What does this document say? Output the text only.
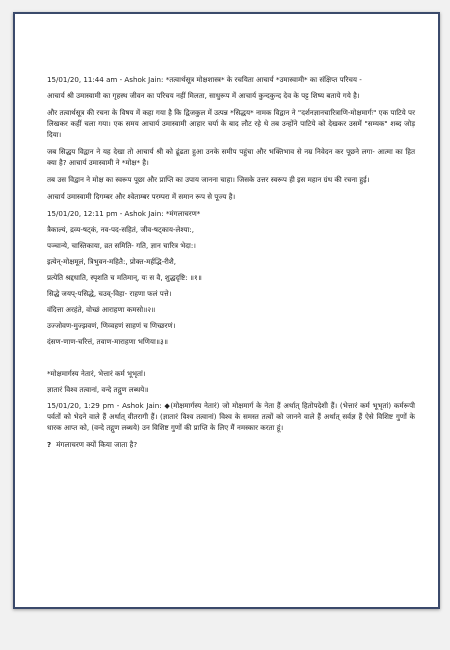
15/01/20, 11:44 am - Ashok Jain: *तत्वार्थसूत्र मोक्षशास्त्र* के रचयिता आचार्य *उमास्वामी* का संक्षिप्त परिचय -

आचार्य श्री उमास्वामी का गृहस्थ जीवन का परिचय नहीं मिलता, साधुरूप में आचार्य कुन्दकुन्द देव के पट्ट शिष्य बताये गये है।

और तत्वार्थसूत्र की रचना के विषय में कहा गया है कि द्विजकुल में उत्पन्न *सिद्धय* नामक विद्वान ने "दर्शनज्ञानचारित्राणि-मोक्षमार्गः" एक पाटिये पर लिखकर कहीं चला गया। एक समय आचार्य उमास्वामी आहार चर्या के बाद लौट रहे थे तब उन्होंने पाटिये को देखकर उसमें "सम्यक" शब्द जोड़ दिया।

जब सिद्धय विद्वान ने यह देखा तो आचार्य श्री को ढूंढता हुआ उनके समीप पहुंचा और भक्तिभाव से नम्र निवेदन कर पूछने लगा- आत्मा का हित क्या है? आचार्य उमास्वामी ने *मोक्ष* है।

तब उस विद्वान ने मोक्ष का स्वरूप पूछा और प्राप्ति का उपाय जानना चाहा। जिसके उत्तर स्वरूप ही इस महान ग्रंथ की रचना हुई।

आचार्य उमास्वामी दिगम्बर और श्वेताम्बर परम्परा में समान रूप से पूज्य है।

15/01/20, 12:11 pm - Ashok Jain: *मंगलाचरण*

त्रैकाल्यं, द्रव्य-षट्कं, नव-पद-सहितं, जीव-षट्काय-लेश्या:,

पञ्चान्ये, चास्तिकाया, व्रत समिति- गति, ज्ञान चारित्र भेदा:।

इत्येन्-मोक्षमूलं, त्रिभुवन-महितै:, प्रोक्त-मर्हद्भि-रीशै,

प्रत्येति श्रद्दधाति, स्पृशति च मतिमान्, यः स वै, शुद्धदृष्टि: ॥१॥

सिद्धे जयप्-पसिद्धे, चउव्-विहा- राहणा फलं पत्ते।

वंदित्ता अरहंते, वोच्छं आराहणा कमसो॥२॥

उज्जोवण-मुज्झवणं, णिव्वहणं साहणं च णिच्छरणं।

दंसण-णाण-चरित्तं, तवाण-माराहणा भणिया॥३॥

*मोक्षमार्गस्य नेतारं, भेत्तारं कर्म भूभृतां।

ज्ञातारं विश्व तत्वानां, वन्दे तद्गुण लब्धये॥

15/01/20, 1:29 pm - Ashok Jain: ◆(मोक्षमार्गस्य नेतारं) जो मोक्षमार्ग के नेता हैं अर्थात् हितोपदेशी हैं। (भेत्तारं कर्म भूभृतां) कर्मरूपी पर्वतों को भेदने वाले हैं अर्थात् वीतरागी हैं। (ज्ञातारं विश्व तत्वानां) विश्व के समस्त तत्वों को जानने वाले हैं अर्थात् सर्वज्ञ हैं ऐसे विशिष्ट गुणों के धारक आप्त को, (वन्दे तद्गुण लब्धये) उन विशिष्ट गुणों की प्राप्ति के लिए मैं नमस्कार करता हूं।

? मंगलाचरण क्यों किया जाता है?
